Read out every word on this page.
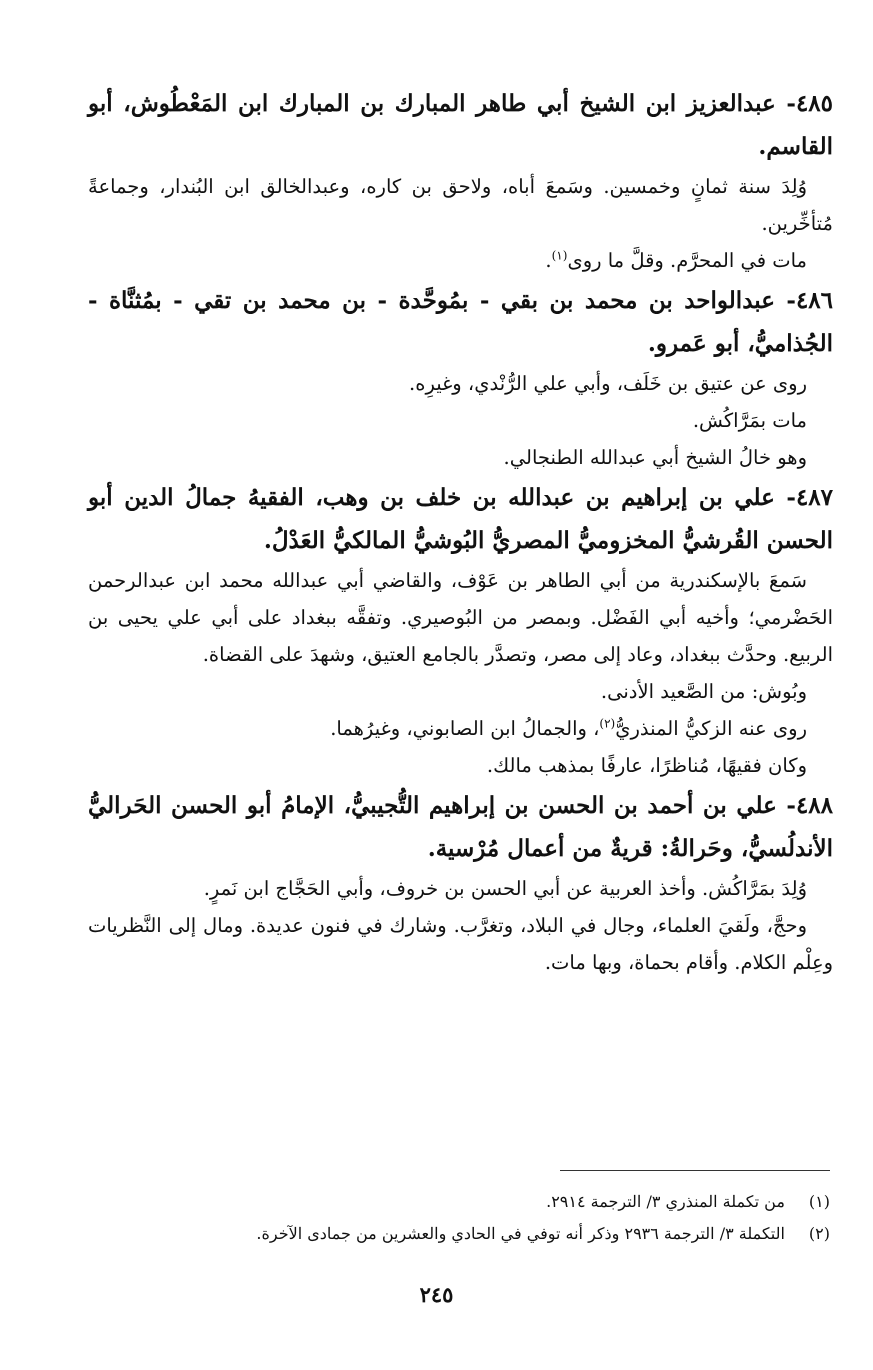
٤٨٥- عبدالعزيز ابن الشيخ أبي طاهر المبارك بن المبارك ابن المَعْطُوش، أبو القاسم.

وُلِدَ سنة ثمانٍ وخمسين. وسَمعَ أباه، ولاحق بن كاره، وعبدالخالق ابن البُندار، وجماعةً مُتأخِّرين.

مات في المحرَّم. وقلَّ ما روى$^{(١)}$.

٤٨٦- عبدالواحد بن محمد بن بقي - بمُوحَّدة - بن محمد بن تقي - بمُثنَّاة - الجُذاميُّ، أبو عَمرو.

روى عن عتيق بن خَلَف، وأبي علي الرُّنْدي، وغيرِه.

مات بمَرَّاكُش.

وهو خالُ الشيخ أبي عبدالله الطنجالي.

٤٨٧- علي بن إبراهيم بن عبدالله بن خلف بن وهب، الفقيهُ جمالُ الدين أبو الحسن القُرشيُّ المخزوميُّ المصريُّ البُوشيُّ المالكيُّ العَدْلُ.

سَمعَ بالإسكندرية من أبي الطاهر بن عَوْف، والقاضي أبي عبدالله محمد ابن عبدالرحمن الحَضْرمي؛ وأخيه أبي الفَضْل. وبمصر من البُوصيري. وتفقَّه ببغداد على أبي علي يحيى بن الربيع. وحدَّث ببغداد، وعاد إلى مصر، وتصدَّر بالجامع العتيق، وشهدَ على القضاة.

وبُوش: من الصَّعيد الأدنى.

روى عنه الزكيُّ المنذريُّ$^{(٢)}$، والجمالُ ابن الصابوني، وغيرُهما.

وكان فقيهًا، مُناظرًا، عارفًا بمذهب مالك.

٤٨٨- علي بن أحمد بن الحسن بن إبراهيم التُّجيبيُّ، الإمامُ أبو الحسن الحَراليُّ الأندلُسيُّ، وحَرالةُ: قريةٌ من أعمال مُرْسية.

وُلِدَ بمَرَّاكُش. وأخذ العربية عن أبي الحسن بن خروف، وأبي الحَجَّاج ابن نَمرٍ.

وحجَّ، ولَقيَ العلماء، وجال في البلاد، وتغرَّب. وشارك في فنون عديدة. ومال إلى النَّظريات وعِلْم الكلام. وأقام بحماة، وبها مات.

(١) من تكملة المنذري ٣/ الترجمة ٢٩١٤.

(٢) التكملة ٣/ الترجمة ٢٩٣٦ وذكر أنه توفي في الحادي والعشرين من جمادى الآخرة.

٢٤٥
